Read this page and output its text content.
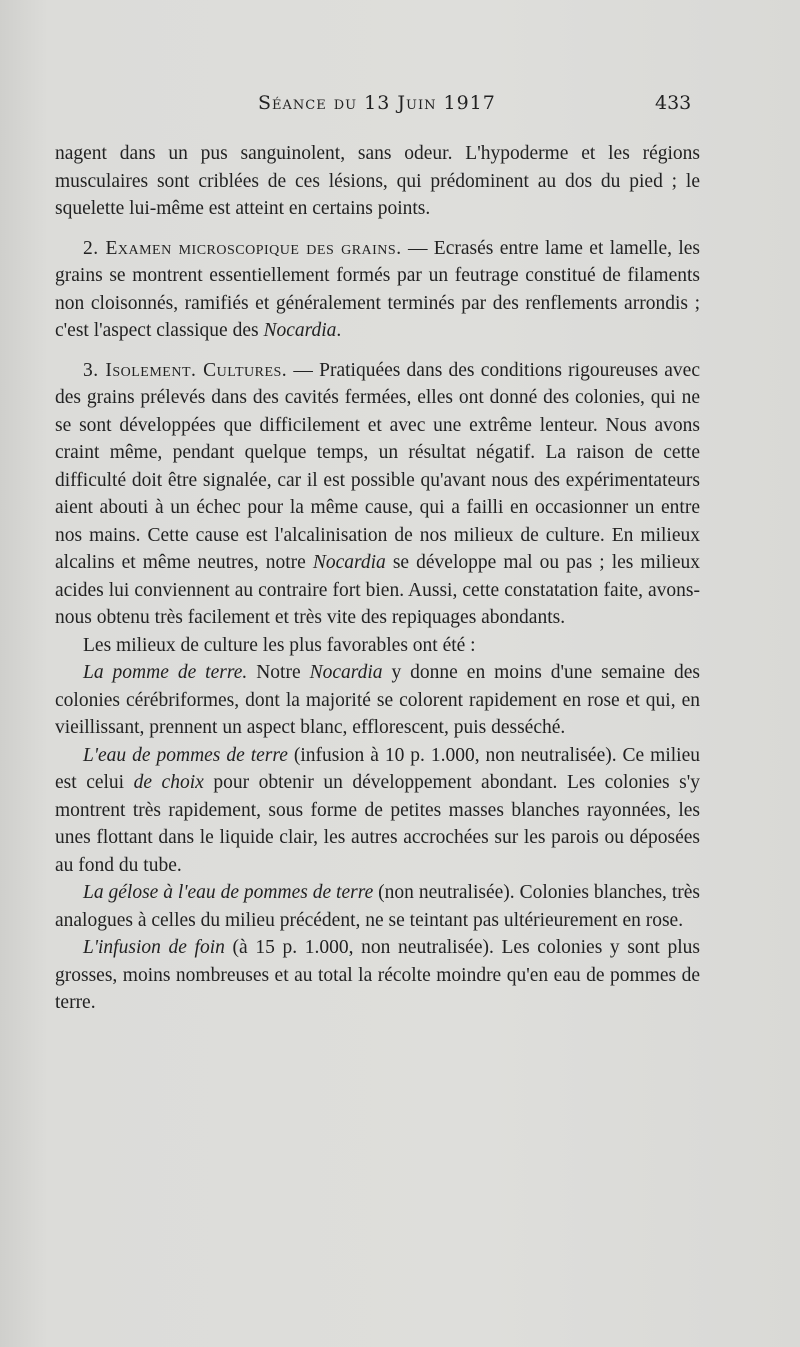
Séance du 13 Juin 1917	433

nagent dans un pus sanguinolent, sans odeur. L'hypoderme et les régions musculaires sont criblées de ces lésions, qui prédominent au dos du pied ; le squelette lui-même est atteint en certains points.

2. Examen microscopique des grains. — Ecrasés entre lame et lamelle, les grains se montrent essentiellement formés par un feutrage constitué de filaments non cloisonnés, ramifiés et généralement terminés par des renflements arrondis ; c'est l'aspect classique des Nocardia.

3. Isolement. Cultures. — Pratiquées dans des conditions rigoureuses avec des grains prélevés dans des cavités fermées, elles ont donné des colonies, qui ne se sont développées que difficilement et avec une extrême lenteur. Nous avons craint même, pendant quelque temps, un résultat négatif. La raison de cette difficulté doit être signalée, car il est possible qu'avant nous des expérimentateurs aient abouti à un échec pour la même cause, qui a failli en occasionner un entre nos mains. Cette cause est l'alcalinisation de nos milieux de culture. En milieux alcalins et même neutres, notre Nocardia se développe mal ou pas ; les milieux acides lui conviennent au contraire fort bien. Aussi, cette constatation faite, avons-nous obtenu très facilement et très vite des repiquages abondants.

Les milieux de culture les plus favorables ont été :

La pomme de terre. Notre Nocardia y donne en moins d'une semaine des colonies cérébriformes, dont la majorité se colorent rapidement en rose et qui, en vieillissant, prennent un aspect blanc, efflorescent, puis desséché.

L'eau de pommes de terre (infusion à 10 p. 1.000, non neutralisée). Ce milieu est celui de choix pour obtenir un développement abondant. Les colonies s'y montrent très rapidement, sous forme de petites masses blanches rayonnées, les unes flottant dans le liquide clair, les autres accrochées sur les parois ou déposées au fond du tube.

La gélose à l'eau de pommes de terre (non neutralisée). Colonies blanches, très analogues à celles du milieu précédent, ne se teintant pas ultérieurement en rose.

L'infusion de foin (à 15 p. 1.000, non neutralisée). Les colonies y sont plus grosses, moins nombreuses et au total la récolte moindre qu'en eau de pommes de terre.
